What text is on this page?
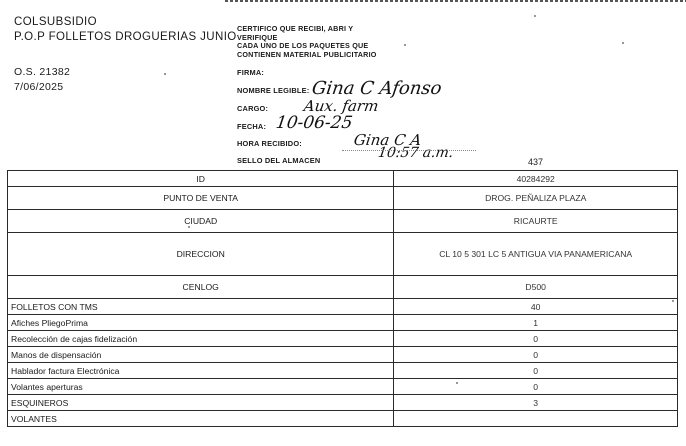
COLSUBSIDIO
P.O.P FOLLETOS DROGUERIAS JUNIO
O.S. 21382
7/06/2025
CERTIFICO QUE RECIBI, ABRI Y
VERIFIQUE
CADA UNO DE LOS PAQUETES QUE
CONTIENEN MATERIAL PUBLICITARIO
FIRMA:
NOMBRE LEGIBLE:
CARGO:
FECHA:
HORA RECIBIDO:
SELLO DEL ALMACEN
Gina C Afonso
Aux. farm
10-06-25
Gina C A
10:57 a.m.
437
ID	40284292
PUNTO DE VENTA	DROG. PEÑALIZA PLAZA
CIUDAD	RICAURTE
DIRECCION	CL 10 5 301 LC 5 ANTIGUA VIA PANAMERICANA
CENLOG	D500
FOLLETOS CON TMS	40
Afiches PliegoPrima	1
Recolección de cajas fidelización	0
Manos de dispensación	0
Hablador factura Electrónica	0
Volantes aperturas	0
ESQUINEROS	3
VOLANTES	
